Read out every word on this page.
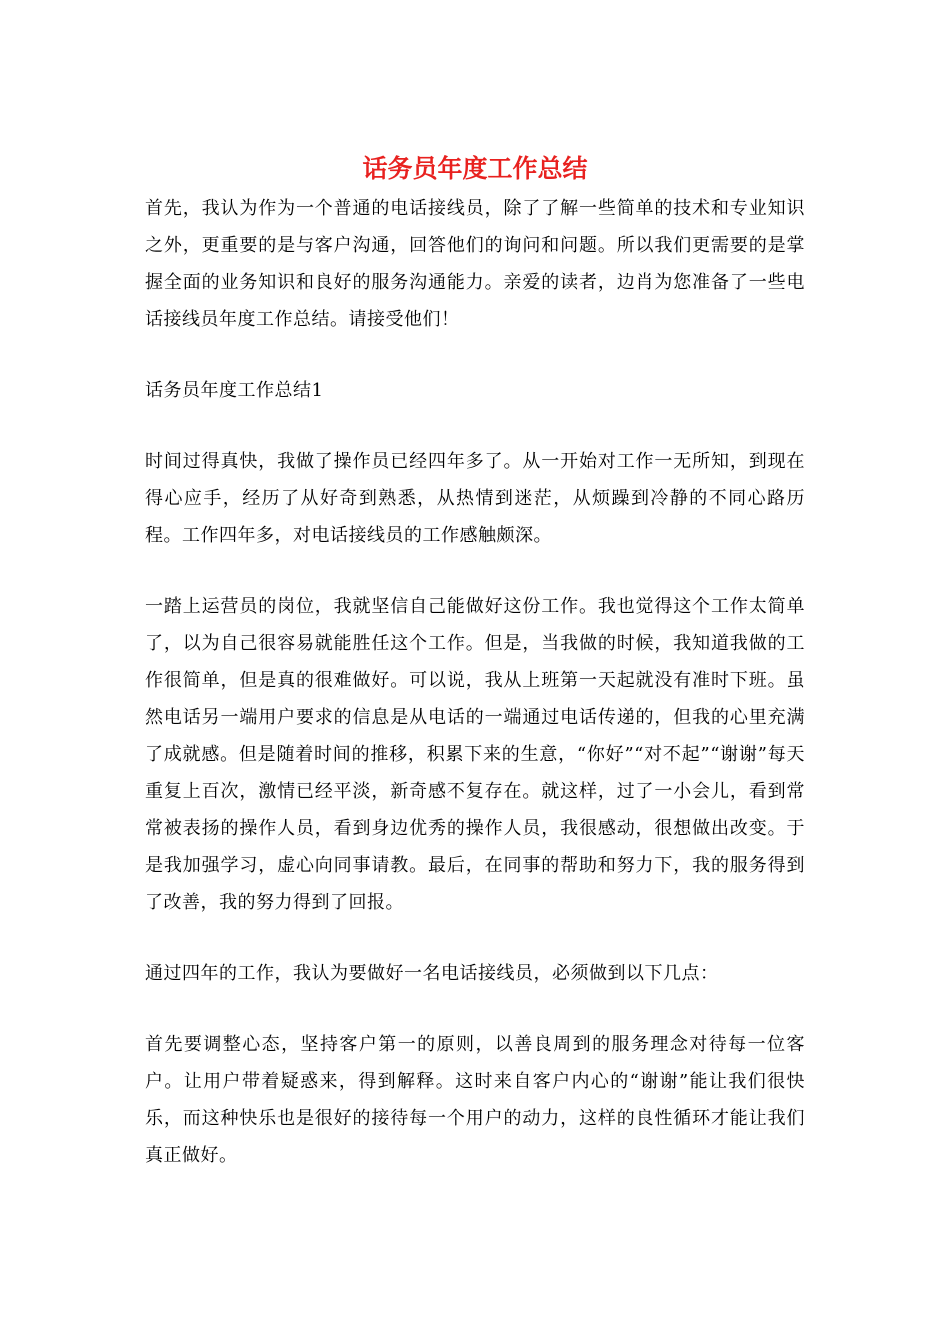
话务员年度工作总结

首先，我认为作为一个普通的电话接线员，除了了解一些简单的技术和专业知识之外，更重要的是与客户沟通，回答他们的询问和问题。所以我们更需要的是掌握全面的业务知识和良好的服务沟通能力。亲爱的读者，边肖为您准备了一些电话接线员年度工作总结。请接受他们！

话务员年度工作总结1

时间过得真快，我做了操作员已经四年多了。从一开始对工作一无所知，到现在得心应手，经历了从好奇到熟悉，从热情到迷茫，从烦躁到冷静的不同心路历程。工作四年多，对电话接线员的工作感触颇深。

一踏上运营员的岗位，我就坚信自己能做好这份工作。我也觉得这个工作太简单了，以为自己很容易就能胜任这个工作。但是，当我做的时候，我知道我做的工作很简单，但是真的很难做好。可以说，我从上班第一天起就没有准时下班。虽然电话另一端用户要求的信息是从电话的一端通过电话传递的，但我的心里充满了成就感。但是随着时间的推移，积累下来的生意，“你好”“对不起”“谢谢”每天重复上百次，激情已经平淡，新奇感不复存在。就这样，过了一小会儿，看到常常被表扬的操作人员，看到身边优秀的操作人员，我很感动，很想做出改变。于是我加强学习，虚心向同事请教。最后，在同事的帮助和努力下，我的服务得到了改善，我的努力得到了回报。

通过四年的工作，我认为要做好一名电话接线员，必须做到以下几点：

首先要调整心态，坚持客户第一的原则，以善良周到的服务理念对待每一位客户。让用户带着疑惑来，得到解释。这时来自客户内心的“谢谢”能让我们很快乐，而这种快乐也是很好的接待每一个用户的动力，这样的良性循环才能让我们真正做好。
